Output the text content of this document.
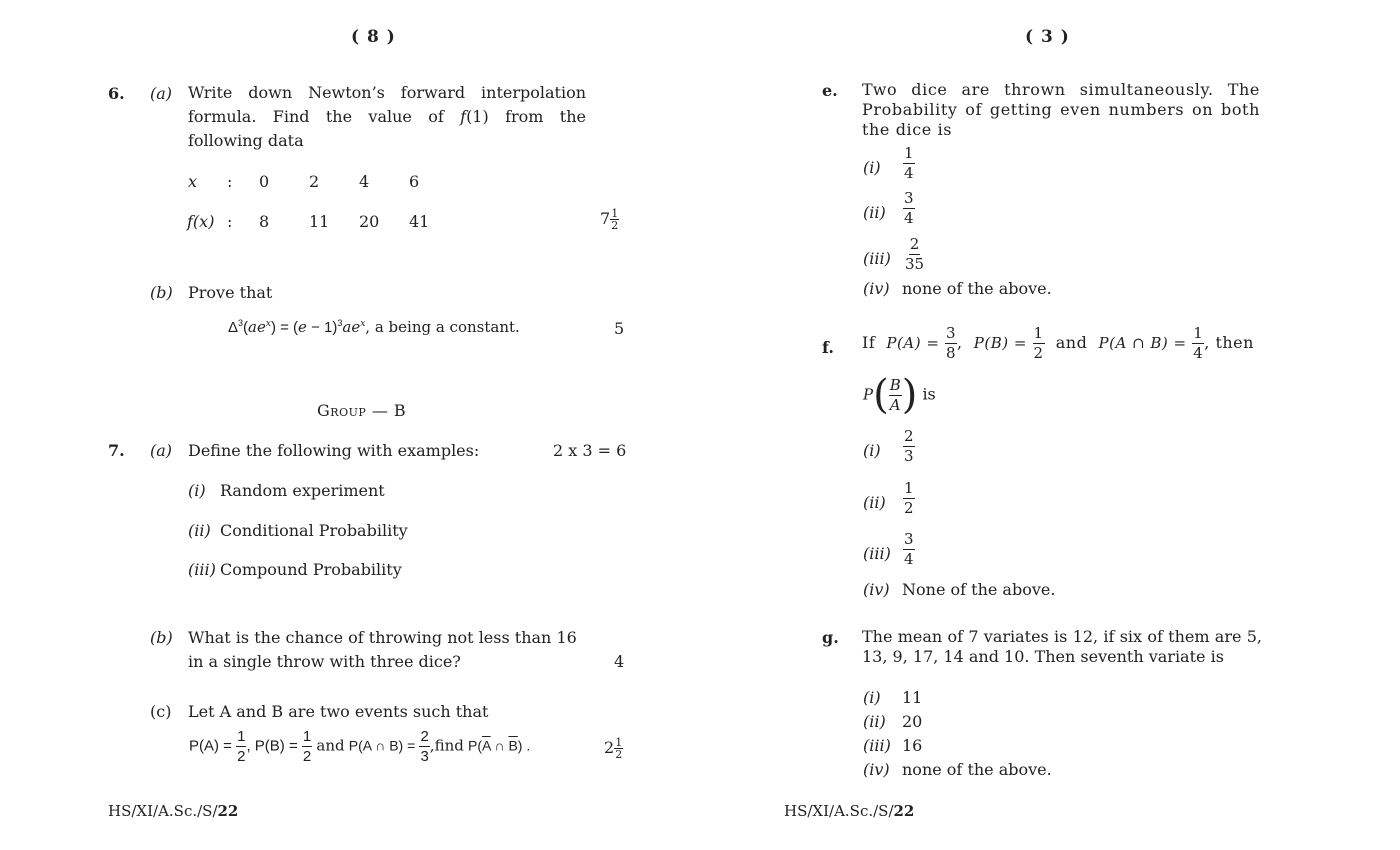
( 8 )
6. (a) Write down Newton’s forward interpolation formula. Find the value of f(1) from the following data
x : 0 2 4 6
f(x) : 8 11 20 41	$7 \frac{1}{2}$
(b) Prove that
$\Delta^3(ae^x) = (e - 1)^3ae^x$, a being a constant.	5
Group — B
7. (a) Define the following with examples:	2 x 3 = 6
(i) Random experiment
(ii) Conditional Probability
(iii) Compound Probability
(b) What is the chance of throwing not less than 16
in a single throw with three dice?	4
(c) Let A and B are two events such that
$P(A) = \frac{1}{2}$ , $P(B) = \frac{1}{2}$ and P(A ∩ $B) = \frac{2}{3}$ ,find $P(\overline{A}$ ∩ $\overline{B}$) .	$2 \frac{1}{2}$
HS/XI/A.Sc./S/22
( 3 )
e. Two dice are thrown simultaneously. The Probability of getting even numbers on both the dice is
$(i) \frac{1}{4}$
$(ii) \frac{3}{4}$
$(iii) \frac{2}{35}$
(iv) none of the above.
f. If $P(A) = \frac{3}{8}$ ,  $P(B) = \frac{1}{2}$ and P(A ∩ $B) = \frac{1}{4}$ , then
$P( \frac{B}{A}$ ) is
$(i) \frac{2}{3}$
$(ii) \frac{1}{2}$
$(iii) \frac{3}{4}$
(iv) None of the above.
g. The mean of 7 variates is 12, if six of them are 5, 13, 9, 17, 14 and 10. Then seventh variate is
(i) 11
(ii) 20
(iii) 16
(iv) none of the above.
HS/XI/A.Sc./S/22
